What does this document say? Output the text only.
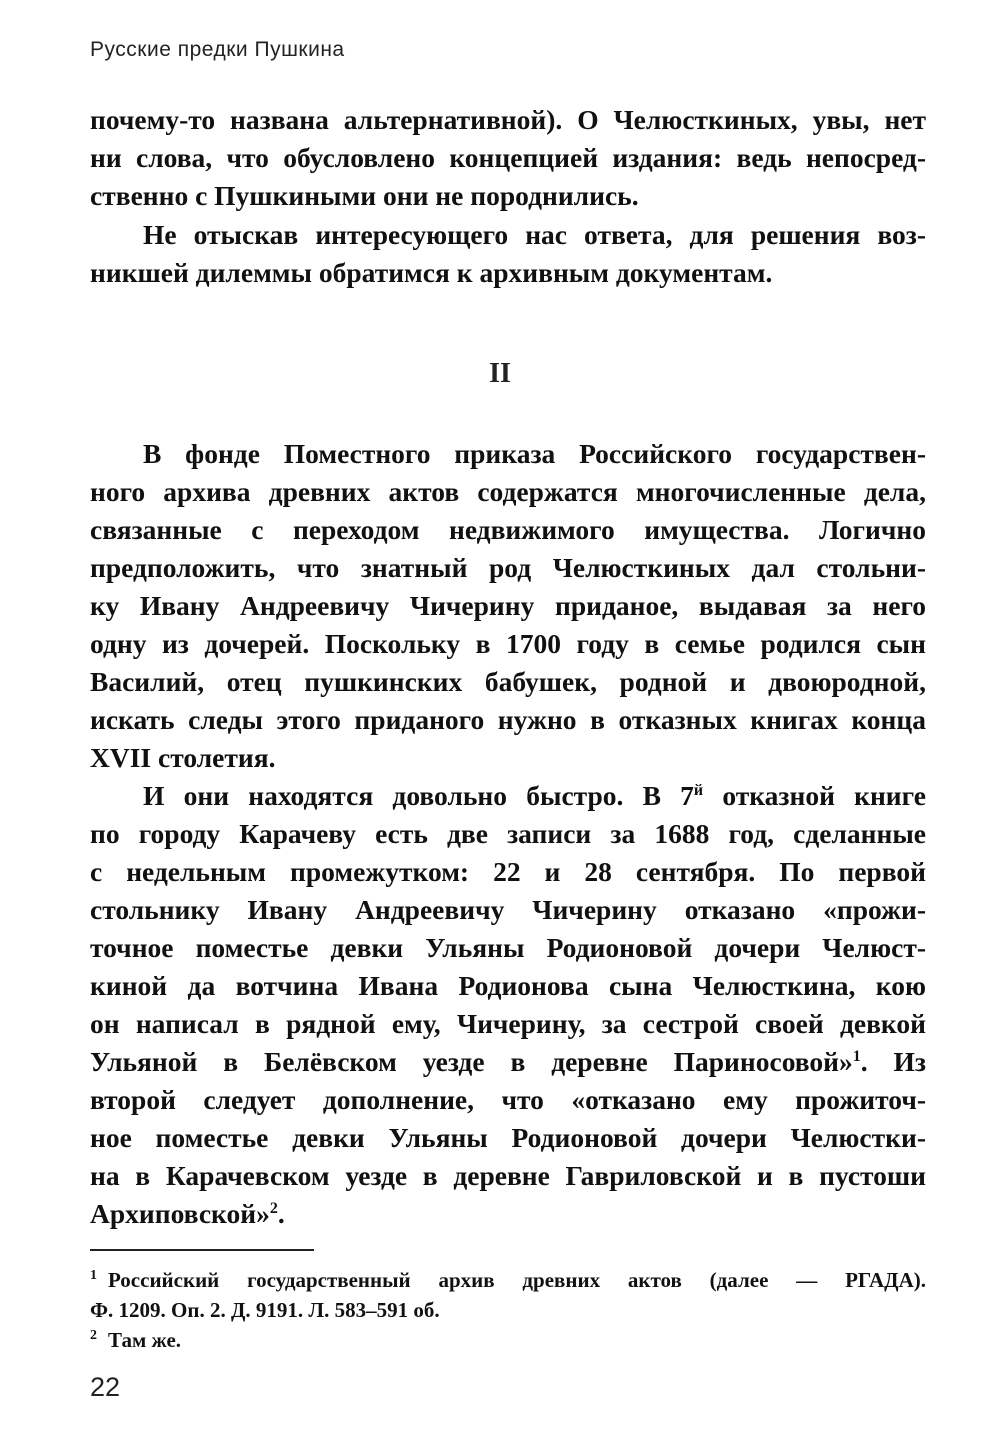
Русские предки Пушкина
почему-то названа альтернативной). О Челюсткиных, увы, нет
ни слова, что обусловлено концепцией издания: ведь непосред-
ственно с Пушкиными они не породнились.
Не отыскав интересующего нас ответа, для решения воз-
никшей дилеммы обратимся к архивным документам.
II
В фонде Поместного приказа Российского государствен-
ного архива древних актов содержатся многочисленные дела,
связанные с переходом недвижимого имущества. Логично
предположить, что знатный род Челюсткиных дал стольни-
ку Ивану Андреевичу Чичерину приданое, выдавая за него
одну из дочерей. Поскольку в 1700 году в семье родился сын
Василий, отец пушкинских бабушек, родной и двоюродной,
искать следы этого приданого нужно в отказных книгах конца
XVII столетия.
И они находятся довольно быстро. В 7$^й$ отказной книге
по городу Карачеву есть две записи за 1688 год, сделанные
с недельным промежутком: 22 и 28 сентября. По первой
стольнику Ивану Андреевичу Чичерину отказано «прожи-
точное поместье девки Ульяны Родионовой дочери Челюст-
киной да вотчина Ивана Родионова сына Челюсткина, кою
он написал в рядной ему, Чичерину, за сестрой своей девкой
Ульяной в Белёвском уезде в деревне Париносовой»$^1$. Из
второй следует дополнение, что «отказано ему прожиточ-
ное поместье девки Ульяны Родионовой дочери Челюстки-
на в Карачевском уезде в деревне Гавриловской и в пустоши
Архиповской»$^2$.
1 Российский государственный архив древних актов (далее — РГАДА).
Ф. 1209. Оп. 2. Д. 9191. Л. 583–591 об.
2 Там же.
22
